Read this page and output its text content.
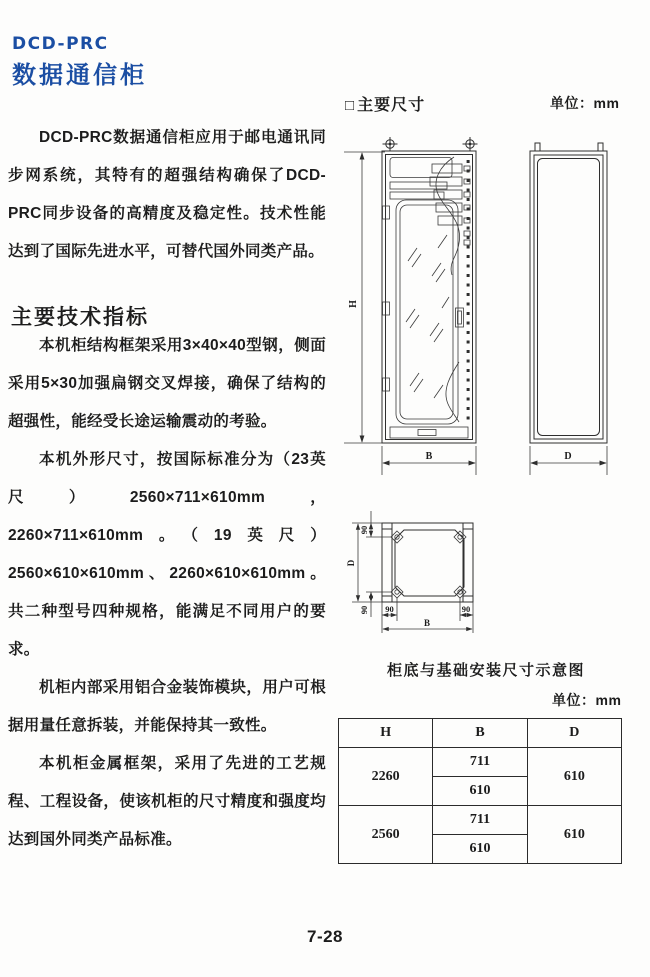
DCD-PRC
数据通信柜

DCD-PRC数据通信柜应用于邮电通讯同步网系统，其特有的超强结构确保了DCD-PRC同步设备的高精度及稳定性。技术性能达到了国际先进水平，可替代国外同类产品。

主要技术指标

本机柜结构框架采用3×40×40型钢，侧面采用5×30加强扁钢交叉焊接，确保了结构的超强性，能经受长途运输震动的考验。

本机外形尺寸，按国际标准分为（23英尺）2560×711×610mm，2260×711×610mm。（19英尺）2560×610×610mm、2260×610×610mm。共二种型号四种规格，能满足不同用户的要求。

机柜内部采用铝合金装饰模块，用户可根据用量任意拆装，并能保持其一致性。

本机柜金属框架，采用了先进的工艺规程、工程设备，使该机柜的尺寸精度和强度均达到国外同类产品标准。

□ 主要尺寸	单位：mm
H
B	D
90
D
90 90	90
B
柜底与基础安装尺寸示意图
单位：mm
H	B	D
2260	711	610
	610	
2560	711	610
	610	
7-28
